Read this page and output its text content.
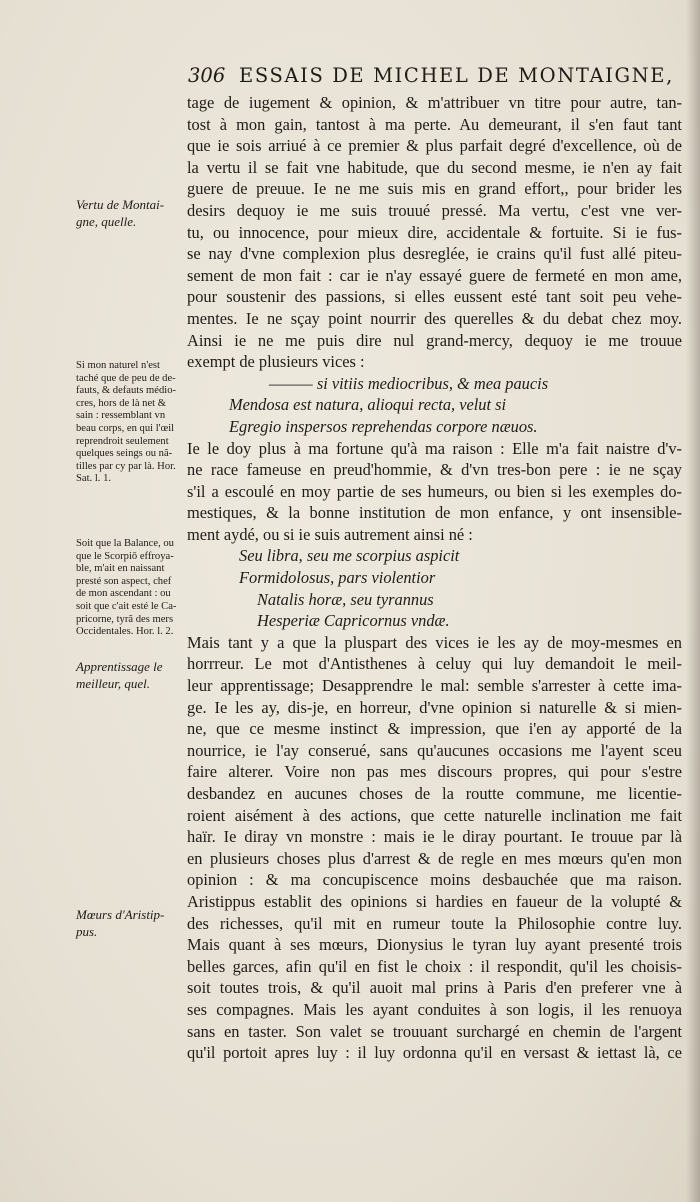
306 ESSAIS DE MICHEL DE MONTAIGNE,
tage de iugement & opinion, & m'attribuer vn titre pour autre, tan-
tost à mon gain, tantost à ma perte. Au demeurant, il s'en faut tant
que ie sois arriué à ce premier & plus parfait degré d'excellence, où de
la vertu il se fait vne habitude, que du second mesme, ie n'en ay fait
guere de preuue. Ie ne me suis mis en grand effort,, pour brider les
desirs dequoy ie me suis trouué pressé. Ma vertu, c'est vne ver-
tu, ou innocence, pour mieux dire, accidentale & fortuite. Si ie fus-
se nay d'vne complexion plus desreglée, ie crains qu'il fust allé piteu-
sement de mon fait : car ie n'ay essayé guere de fermeté en mon ame,
pour soustenir des passions, si elles eussent esté tant soit peu vehe-
mentes. Ie ne sçay point nourrir des querelles & du debat chez moy.
Ainsi ie ne me puis dire nul grand-mercy, dequoy ie me trouue
exempt de plusieurs vices :
——— si vitiis mediocribus, & mea paucis
Mendosa est natura, alioqui recta, velut si
Egregio inspersos reprehendas corpore næuos.
Ie le doy plus à ma fortune qu'à ma raison : Elle m'a fait naistre d'v-
ne race fameuse en preud'hommie, & d'vn tres-bon pere : ie ne sçay
s'il a escoulé en moy partie de ses humeurs, ou bien si les exemples do-
mestiques, & la bonne institution de mon enfance, y ont insensible-
ment aydé, ou si ie suis autrement ainsi né :
Seu libra, seu me scorpius aspicit
Formidolosus, pars violentior
Natalis horæ, seu tyrannus
Hesperiæ Capricornus vndæ.
Mais tant y a que la pluspart des vices ie les ay de moy-mesmes en
horrreur. Le mot d'Antisthenes à celuy qui luy demandoit le meil-
leur apprentissage; Desapprendre le mal: semble s'arrester à cette ima-
ge. Ie les ay, dis-je, en horreur, d'vne opinion si naturelle & si mien-
ne, que ce mesme instinct & impression, que i'en ay apporté de la
nourrice, ie l'ay conserué, sans qu'aucunes occasions me l'ayent sceu
faire alterer. Voire non pas mes discours propres, qui pour s'estre
desbandez en aucunes choses de la routte commune, me licentie-
roient aisément à des actions, que cette naturelle inclination me fait
haïr. Ie diray vn monstre : mais ie le diray pourtant. Ie trouue par là
en plusieurs choses plus d'arrest & de regle en mes mœurs qu'en mon
opinion : & ma concupiscence moins desbauchée que ma raison.
Aristippus establit des opinions si hardies en faueur de la volupté &
des richesses, qu'il mit en rumeur toute la Philosophie contre luy.
Mais quant à ses mœurs, Dionysius le tyran luy ayant presenté trois
belles garces, afin qu'il en fist le choix : il respondit, qu'il les choisis-
soit toutes trois, & qu'il auoit mal prins à Paris d'en preferer vne à
ses compagnes. Mais les ayant conduites à son logis, il les renuoya
sans en taster. Son valet se trouuant surchargé en chemin de l'argent
qu'il portoit apres luy : il luy ordonna qu'il en versast & iettast là, ce
Vertu de Montai-
gne, quelle.
Si mon naturel n'est
taché que de peu de de-
fauts, & defauts médio-
cres, hors de là net &
sain : ressemblant vn
beau corps, en qui l'œil
reprendroit seulement
quelques seings ou nã-
tilles par cy par là. Hor.
Sat. l. 1.
Soit que la Balance, ou
que le Scorpiō effroya-
ble, m'ait en naissant
presté son aspect, chef
de mon ascendant : ou
soit que c'ait esté le Ca-
pricorne, tyrã des mers
Occidentales. Hor. l. 2.
Apprentissage le
meilleur, quel.
Mœurs d'Aristip-
pus.
